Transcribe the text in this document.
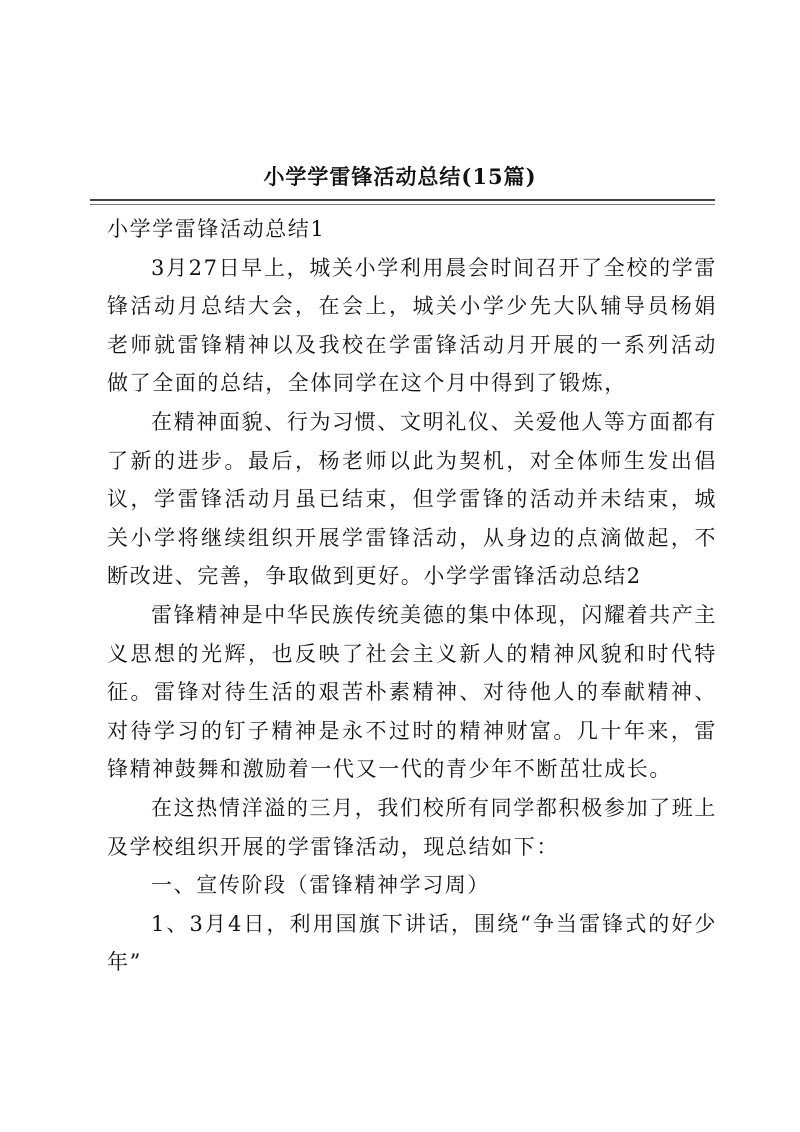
小学学雷锋活动总结(15篇)

小学学雷锋活动总结1

3月27日早上，城关小学利用晨会时间召开了全校的学雷锋活动月总结大会，在会上，城关小学少先大队辅导员杨娟老师就雷锋精神以及我校在学雷锋活动月开展的一系列活动做了全面的总结，全体同学在这个月中得到了锻炼，

在精神面貌、行为习惯、文明礼仪、关爱他人等方面都有了新的进步。最后，杨老师以此为契机，对全体师生发出倡议，学雷锋活动月虽已结束，但学雷锋的活动并未结束，城关小学将继续组织开展学雷锋活动，从身边的点滴做起，不断改进、完善，争取做到更好。小学学雷锋活动总结2

雷锋精神是中华民族传统美德的集中体现，闪耀着共产主义思想的光辉，也反映了社会主义新人的精神风貌和时代特征。雷锋对待生活的艰苦朴素精神、对待他人的奉献精神、对待学习的钉子精神是永不过时的精神财富。几十年来，雷锋精神鼓舞和激励着一代又一代的青少年不断茁壮成长。

在这热情洋溢的三月，我们校所有同学都积极参加了班上及学校组织开展的学雷锋活动，现总结如下：

一、宣传阶段（雷锋精神学习周）

1、3月4日，利用国旗下讲话，围绕“争当雷锋式的好少年”
